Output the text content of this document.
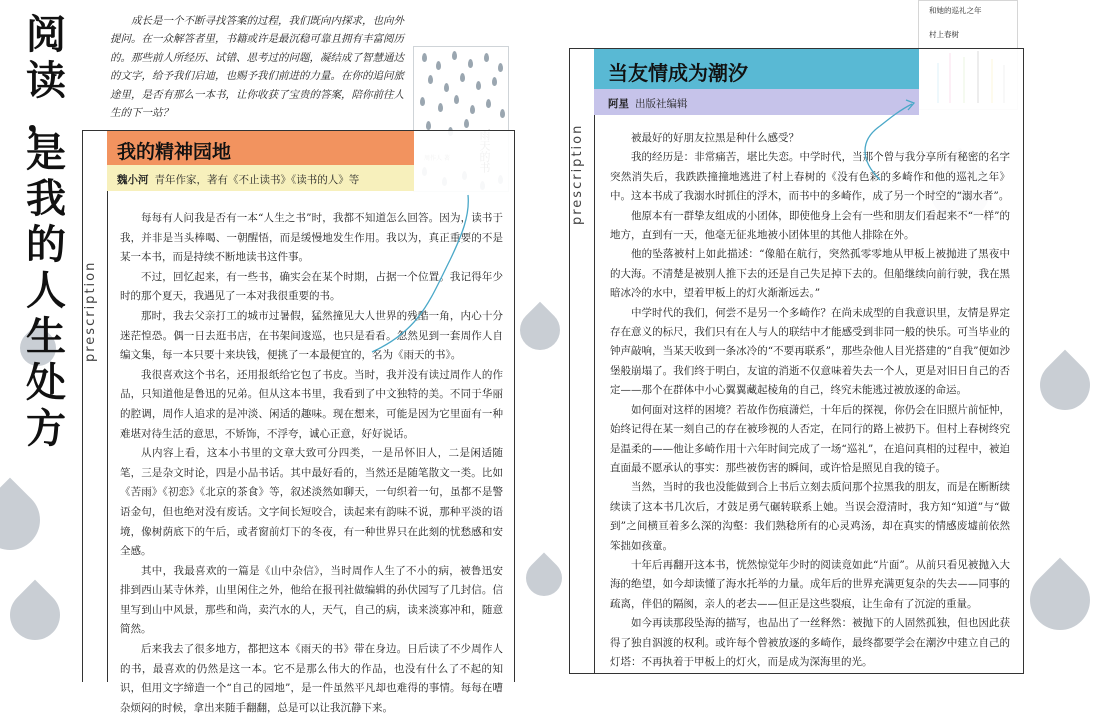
阅
读
，
是
我
的
人
生
处
方

成长是一个不断寻找答案的过程，我们既向内探求，也向外提问。在一众解答者里，书籍或许是最沉稳可靠且拥有丰富阅历的。那些前人所经历、试错、思考过的问题，凝结成了智慧通达的文字，给予我们启迪，也赐予我们前进的力量。在你的追问旅途里，是否有那么一本书，让你收获了宝贵的答案，陪你前往人生的下一站？

prescription
我的精神园地
魏小河 青年作家，著有《不止读书》《读书的人》等

每每有人问我是否有一本“人生之书”时，我都不知道怎么回答。因为，读书于我，并非是当头棒喝、一朝醒悟，而是缓慢地发生作用。我以为，真正重要的不是某一本书，而是持续不断地读书这件事。

不过，回忆起来，有一些书，确实会在某个时期，占据一个位置。我记得年少时的那个夏天，我遇见了一本对我很重要的书。

那时，我去父亲打工的城市过暑假，猛然撞见大人世界的残酷一角，内心十分迷茫惶恐。偶一日去逛书店，在书架间逡巡，也只是看看。忽然见到一套周作人自编文集，每一本只要十来块钱，便挑了一本最便宜的，名为《雨天的书》。

我很喜欢这个书名，还用报纸给它包了书皮。当时，我并没有读过周作人的作品，只知道他是鲁迅的兄弟。但从这本书里，我看到了中文独特的美。不同于华丽的腔调，周作人追求的是冲淡、闲适的趣味。现在想来，可能是因为它里面有一种难堪对待生活的意思，不矫饰，不浮夸，诚心正意，好好说话。

从内容上看，这本小书里的文章大致可分四类，一是吊怀旧人，二是闲适随笔，三是杂文时论，四是小品书话。其中最好看的，当然还是随笔散文一类。比如《苦雨》《初恋》《北京的茶食》等，叙述淡然如聊天，一句织着一句，虽都不是警语金句，但也绝对没有废话。文字间长短咬合，读起来有韵味不说，那种平淡的语境，像树荫底下的午后，或者窗前灯下的冬夜，有一种世界只在此刻的忧愁感和安全感。

其中，我最喜欢的一篇是《山中杂信》，当时周作人生了不小的病，被鲁迅安排到西山某寺休养，山里闲住之外，他给在报刊社做编辑的孙伏园写了几封信。信里写到山中风景，那些和尚，卖汽水的人，天气，自己的病，读来淡寡冲和，随意简然。

后来我去了很多地方，都把这本《雨天的书》带在身边。日后读了不少周作人的书，最喜欢的仍然是这一本。它不是那么伟大的作品，也没有什么了不起的知识，但用文字缔造一个“自己的园地”，是一件虽然平凡却也难得的事情。每每在嘈杂烦闷的时候，拿出来随手翻翻，总是可以让我沉静下来。

和她的巡礼之年
村上春树
prescription
当友情成为潮汐
阿星 出版社编辑

被最好的好朋友拉黑是种什么感受？

我的经历是：非常痛苦，堪比失恋。中学时代，当那个曾与我分享所有秘密的名字突然消失后，我跌跌撞撞地逃进了村上春树的《没有色彩的多崎作和他的巡礼之年》中。这本书成了我溺水时抓住的浮木，而书中的多崎作，成了另一个时空的“溺水者”。

他原本有一群挚友组成的小团体，即使他身上会有一些和朋友们看起来不“一样”的地方，直到有一天，他毫无征兆地被小团体里的其他人排除在外。

他的坠落被村上如此描述：“像船在航行，突然孤零零地从甲板上被抛进了黑夜中的大海。不清楚是被别人推下去的还是自己失足掉下去的。但船继续向前行驶，我在黑暗冰冷的水中，望着甲板上的灯火渐渐远去。”

中学时代的我们，何尝不是另一个多崎作？在尚未成型的自我意识里，友情是界定存在意义的标尺，我们只有在人与人的联结中才能感受到非同一般的快乐。可当毕业的钟声敲响，当某天收到一条冰冷的“不要再联系”，那些杂他人目光搭建的“自我”便如沙堡般崩塌了。我们终于明白，友谊的消逝不仅意味着失去一个人，更是对旧日自己的否定——那个在群体中小心翼翼藏起棱角的自己，终究未能逃过被放逐的命运。

如何面对这样的困境？若故作伤痕潇烂，十年后的探视，你仍会在旧照片前怔忡，始终记得在某一刻自己的存在被珍视的人否定，在同行的路上被扔下。但村上春树终究是温柔的——他让多崎作用十六年时间完成了一场“巡礼”，在追问真相的过程中，被迫直面最不愿承认的事实：那些被伤害的瞬间，或许恰是照见自我的镜子。

当然，当时的我也没能做到合上书后立刻去质问那个拉黑我的朋友，而是在断断续续读了这本书几次后，才鼓足勇气碾转联系上她。当误会澄清时，我方知“知道”与“做到”之间横亘着多么深的沟壑：我们熟稔所有的心灵鸡汤，却在真实的情感废墟前依然笨拙如孩童。

十年后再翻开这本书，恍然惊觉年少时的阅读竟如此“片面”。从前只看见被抛入大海的绝望，如今却读懂了海水托举的力量。成年后的世界充满更复杂的失去——同事的疏离，伴侣的隔阂，亲人的老去——但正是这些裂痕，让生命有了沉淀的重量。

如今再读那段坠海的描写，也品出了一丝释然：被抛下的人固然孤独，但也因此获得了独自泅渡的权利。或许每个曾被放逐的多崎作，最终都要学会在潮汐中建立自己的灯塔：不再执着于甲板上的灯火，而是成为深海里的光。
